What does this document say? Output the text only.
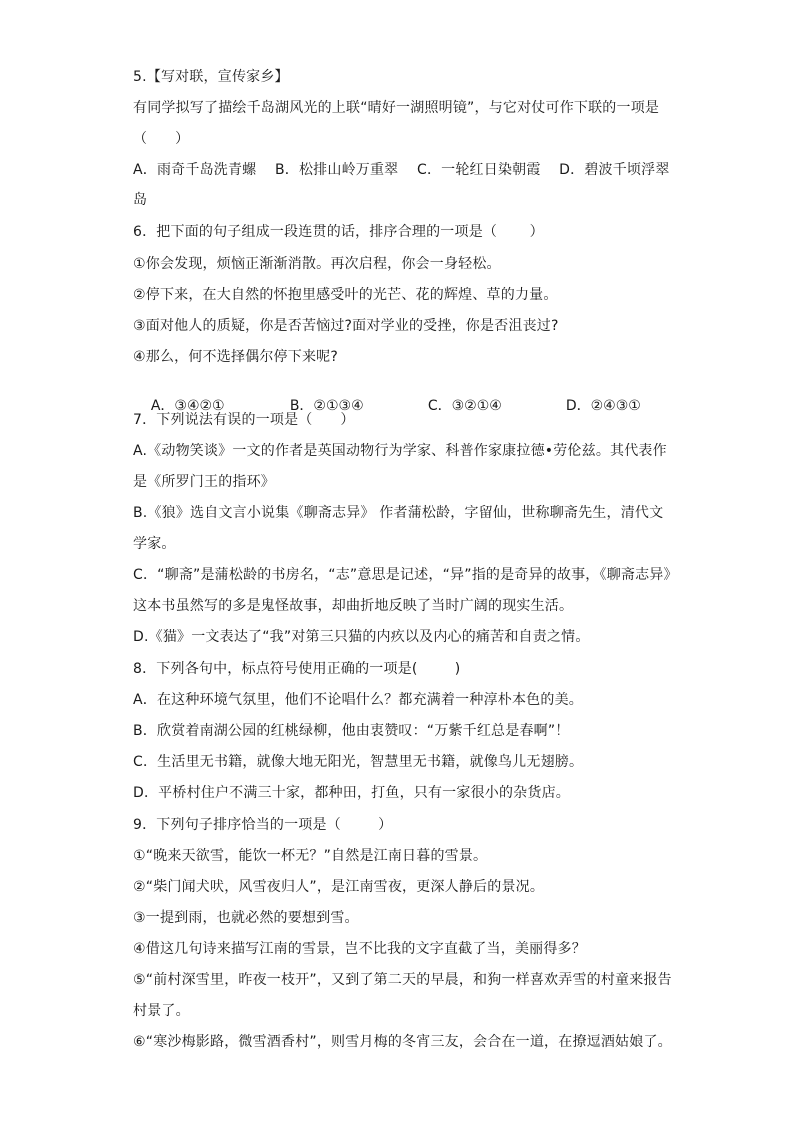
5.【写对联，宣传家乡】
有同学拟写了描绘千岛湖风光的上联“晴好一湖照明镜”，与它对仗可作下联的一项是
（      ）
A．雨奇千岛洗青螺    B．松排山岭万重翠    C．一轮红日染朝霞    D．碧波千顷浮翠
岛
6．把下面的句子组成一段连贯的话，排序合理的一项是（       ）
①你会发现，烦恼正渐渐消散。再次启程，你会一身轻松。
②停下来，在大自然的怀抱里感受叶的光芒、花的辉煌、草的力量。
③面对他人的质疑，你是否苦恼过?面对学业的受挫，你是否沮丧过?
④那么，何不选择偶尔停下来呢?

A．③④②①	B．②①③④	C．③②①④	D．②④③①

7．下列说法有误的一项是（      ）
A.《动物笑谈》一文的作者是英国动物行为学家、科普作家康拉德•劳伦兹。其代表作
是《所罗门王的指环》
B.《狼》选自文言小说集《聊斋志异》 作者蒲松龄，字留仙，世称聊斋先生，清代文
学家。
C．“聊斋”是蒲松龄的书房名，“志”意思是记述，“异”指的是奇异的故事，《聊斋志异》
这本书虽然写的多是鬼怪故事，却曲折地反映了当时广阔的现实生活。
D.《猫》一文表达了“我”对第三只猫的内疚以及内心的痛苦和自责之情。
8．下列各句中，标点符号使用正确的一项是(        )
A．在这种环境气氛里，他们不论唱什么？都充满着一种淳朴本色的美。
B．欣赏着南湖公园的红桃绿柳，他由衷赞叹：“万紫千红总是春啊”！
C．生活里无书籍，就像大地无阳光，智慧里无书籍，就像鸟儿无翅膀。
D．平桥村住户不满三十家，都种田，打鱼，只有一家很小的杂货店。
9．下列句子排序恰当的一项是（        ）
①“晚来天欲雪，能饮一杯无？”自然是江南日暮的雪景。
②“柴门闻犬吠，风雪夜归人”，是江南雪夜，更深人静后的景况。
③一提到雨，也就必然的要想到雪。
④借这几句诗来描写江南的雪景，岂不比我的文字直截了当，美丽得多？
⑤“前村深雪里，昨夜一枝开”，又到了第二天的早晨，和狗一样喜欢弄雪的村童来报告
村景了。
⑥“寒沙梅影路，微雪酒香村”，则雪月梅的冬宵三友，会合在一道，在撩逗酒姑娘了。
